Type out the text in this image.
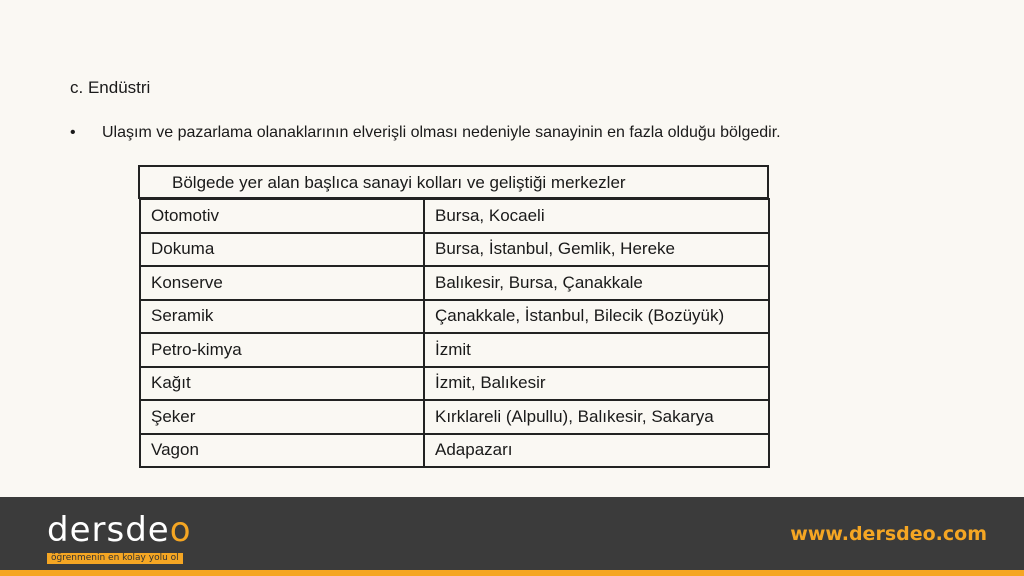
c. Endüstri
•	Ulaşım ve pazarlama olanaklarının elverişli olması nedeniyle sanayinin en fazla olduğu bölgedir.
Bölgede yer alan başlıca sanayi kolları ve geliştiği merkezler
Otomotiv	Bursa, Kocaeli
Dokuma	Bursa, İstanbul, Gemlik, Hereke
Konserve	Balıkesir, Bursa, Çanakkale
Seramik	Çanakkale, İstanbul, Bilecik (Bozüyük)
Petro-kimya	İzmit
Kağıt	İzmit, Balıkesir
Şeker	Kırklareli (Alpullu), Balıkesir, Sakarya
Vagon	Adapazarı
dersdeo
öğrenmenin en kolay yolu ol
www.dersdeo.com
